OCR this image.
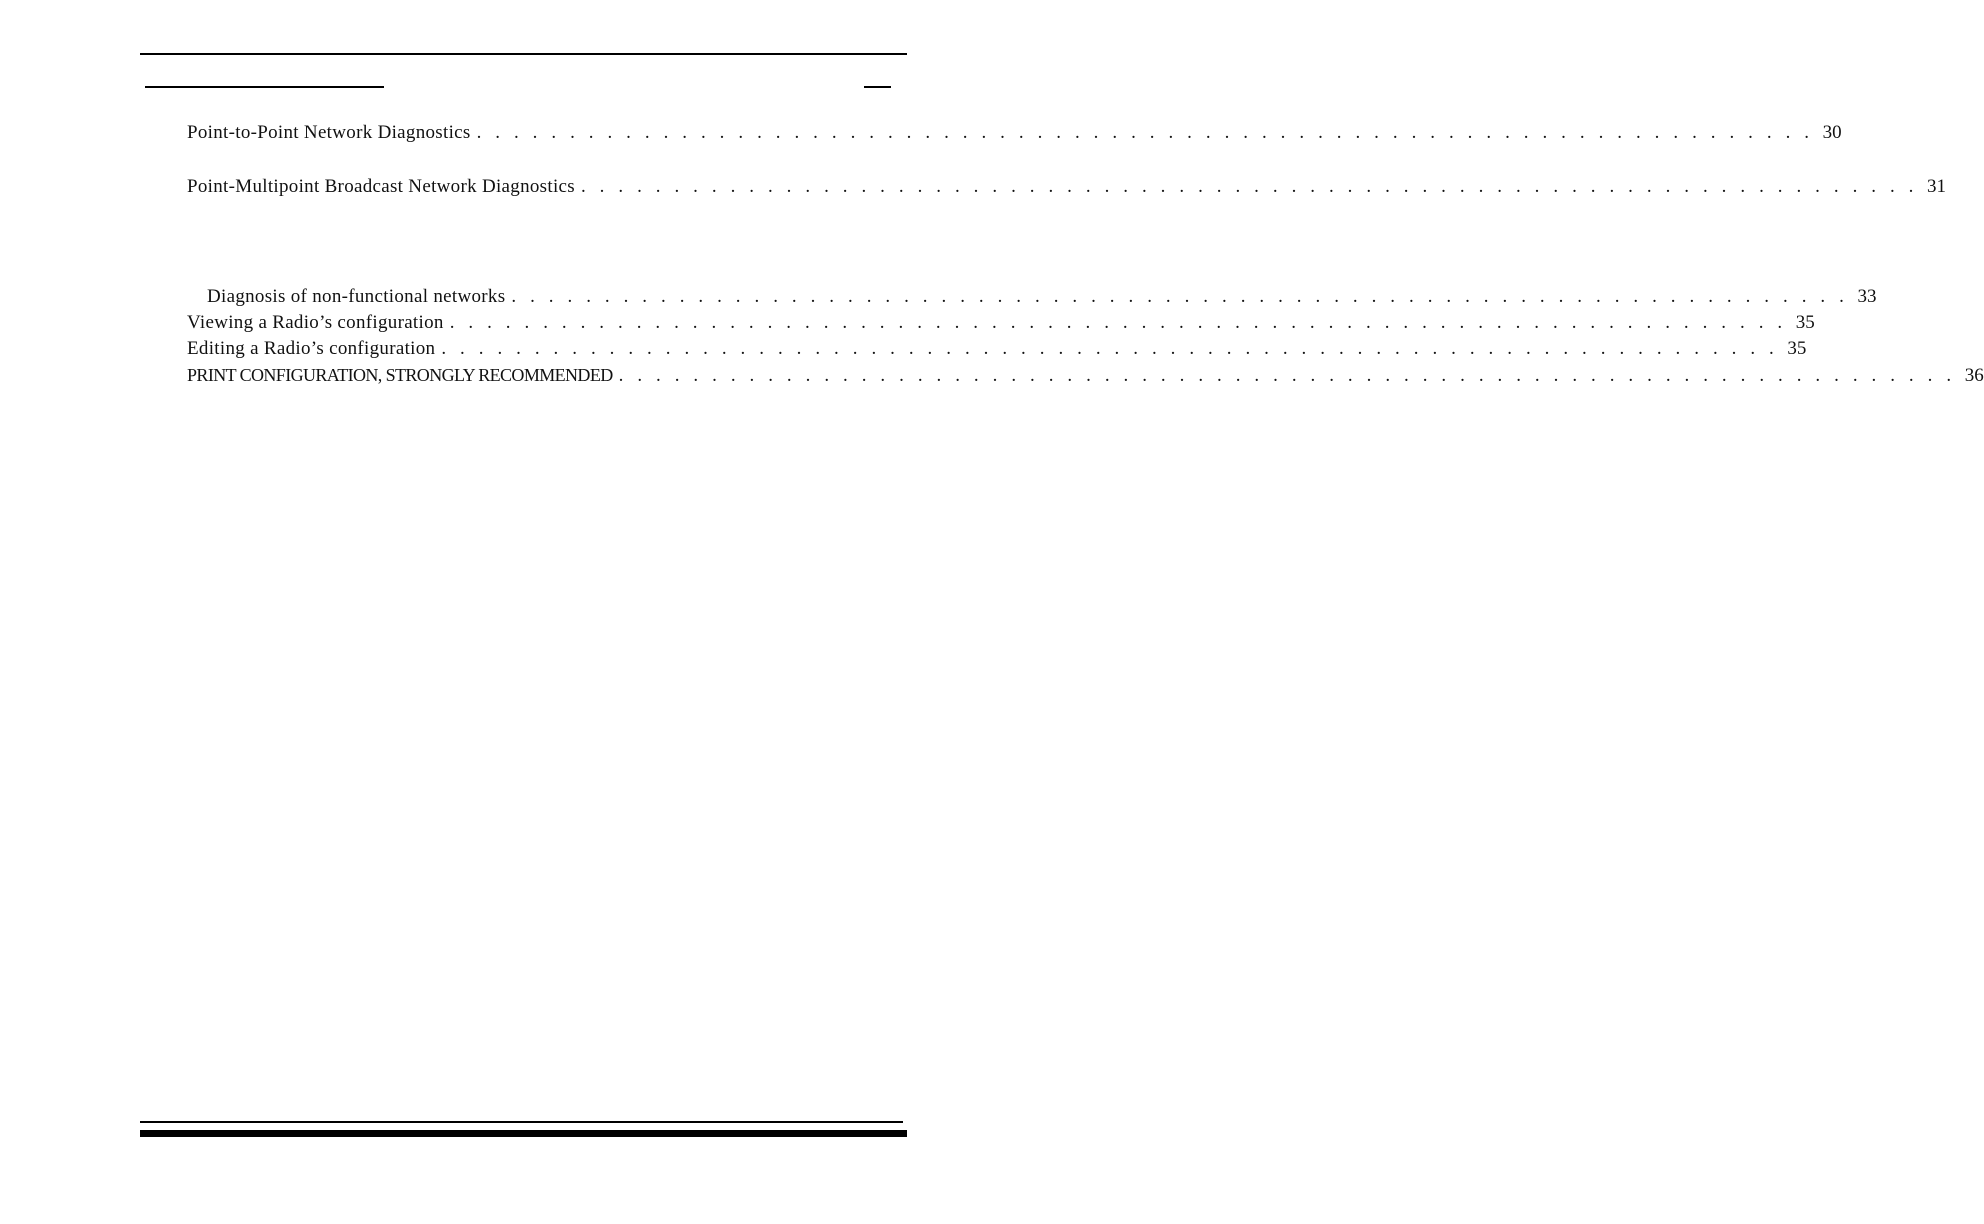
Point-to-Point Network Diagnostics . . . . . . . . . . . . . . . . . . . . . . . . . . . . . . . . . . . . . . . . . . . . . . . . . . . . . . . . . . . . . . . . . . . . . . . . 30
Point-Multipoint Broadcast Network Diagnostics . . . . . . . . . . . . . . . . . . . . . . . . . . . . . . . . . . . . . . . . . . . . . . . . . . . . . . . . . . . . . . . . . . . . . . . . 31
Diagnosis of non-functional networks . . . . . . . . . . . . . . . . . . . . . . . . . . . . . . . . . . . . . . . . . . . . . . . . . . . . . . . . . . . . . . . . . . . . . . . . 33
Viewing a Radio’s configuration . . . . . . . . . . . . . . . . . . . . . . . . . . . . . . . . . . . . . . . . . . . . . . . . . . . . . . . . . . . . . . . . . . . . . . . . 35
Editing a Radio’s configuration . . . . . . . . . . . . . . . . . . . . . . . . . . . . . . . . . . . . . . . . . . . . . . . . . . . . . . . . . . . . . . . . . . . . . . . . 35
PRINT CONFIGURATION, STRONGLY RECOMMENDED . . . . . . . . . . . . . . . . . . . . . . . . . . . . . . . . . . . . . . . . . . . . . . . . . . . . . . . . . . . . . . . . . . . . . . . . 36
